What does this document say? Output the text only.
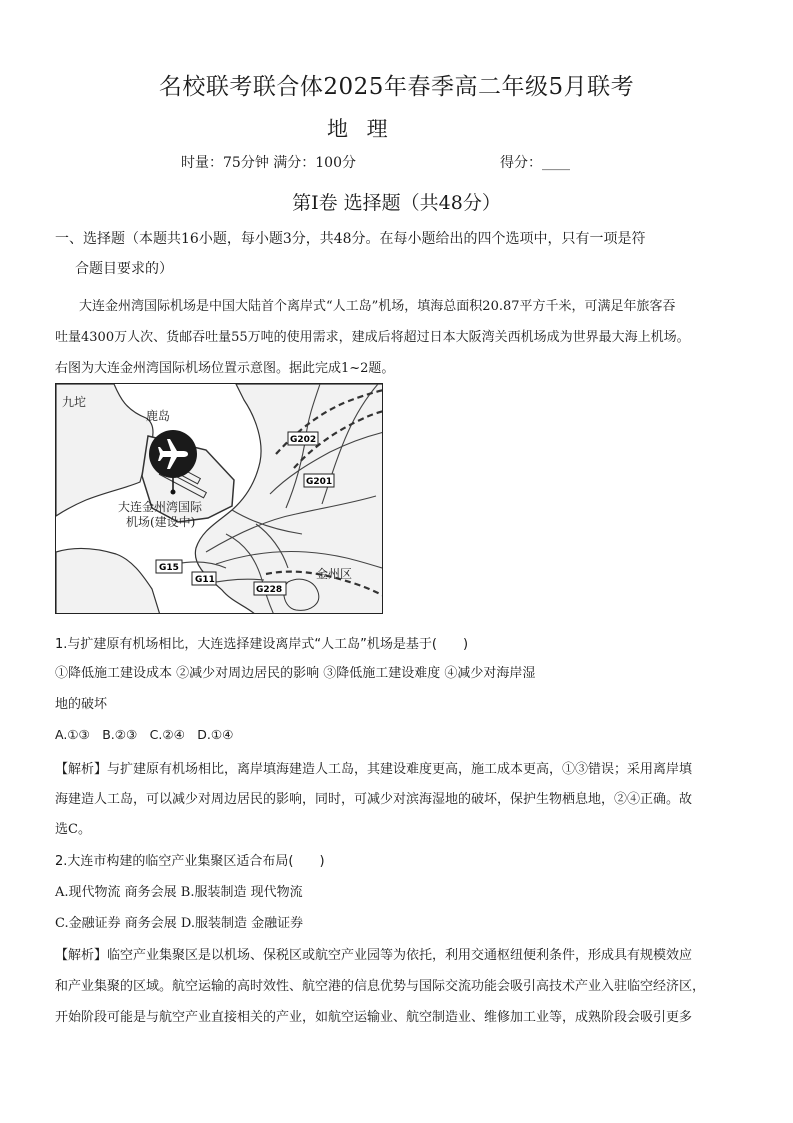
名校联考联合体2025年春季高二年级5月联考
地 理
时量：75分钟 满分：100分	得分：____
第Ⅰ卷 选择题（共48分）
一、选择题（本题共16小题，每小题3分，共48分。在每小题给出的四个选项中，只有一项是符
合题目要求的）
大连金州湾国际机场是中国大陆首个离岸式“人工岛”机场，填海总面积20.87平方千米，可满足年旅客吞
吐量4300万人次、货邮吞吐量55万吨的使用需求，建成后将超过日本大阪湾关西机场成为世界最大海上机场。
右图为大连金州湾国际机场位置示意图。据此完成1~2题。
G202
G201
G15
G11
G228
九坨
鹿岛
大连金州湾国际
机场(建设中)
金州区
1.与扩建原有机场相比，大连选择建设离岸式“人工岛”机场是基于(　　)
①降低施工建设成本 ②减少对周边居民的影响 ③降低施工建设难度 ④减少对海岸湿
地的破坏
A.①③　B.②③　C.②④　D.①④
【解析】与扩建原有机场相比，离岸填海建造人工岛，其建设难度更高，施工成本更高，①③错误；采用离岸填
海建造人工岛，可以减少对周边居民的影响，同时，可减少对滨海湿地的破坏，保护生物栖息地，②④正确。故
选C。
2.大连市构建的临空产业集聚区适合布局(　　)
A.现代物流 商务会展 B.服装制造 现代物流
C.金融证券 商务会展 D.服装制造 金融证券
【解析】临空产业集聚区是以机场、保税区或航空产业园等为依托，利用交通枢纽便利条件，形成具有规模效应
和产业集聚的区域。航空运输的高时效性、航空港的信息优势与国际交流功能会吸引高技术产业入驻临空经济区，
开始阶段可能是与航空产业直接相关的产业，如航空运输业、航空制造业、维修加工业等，成熟阶段会吸引更多
